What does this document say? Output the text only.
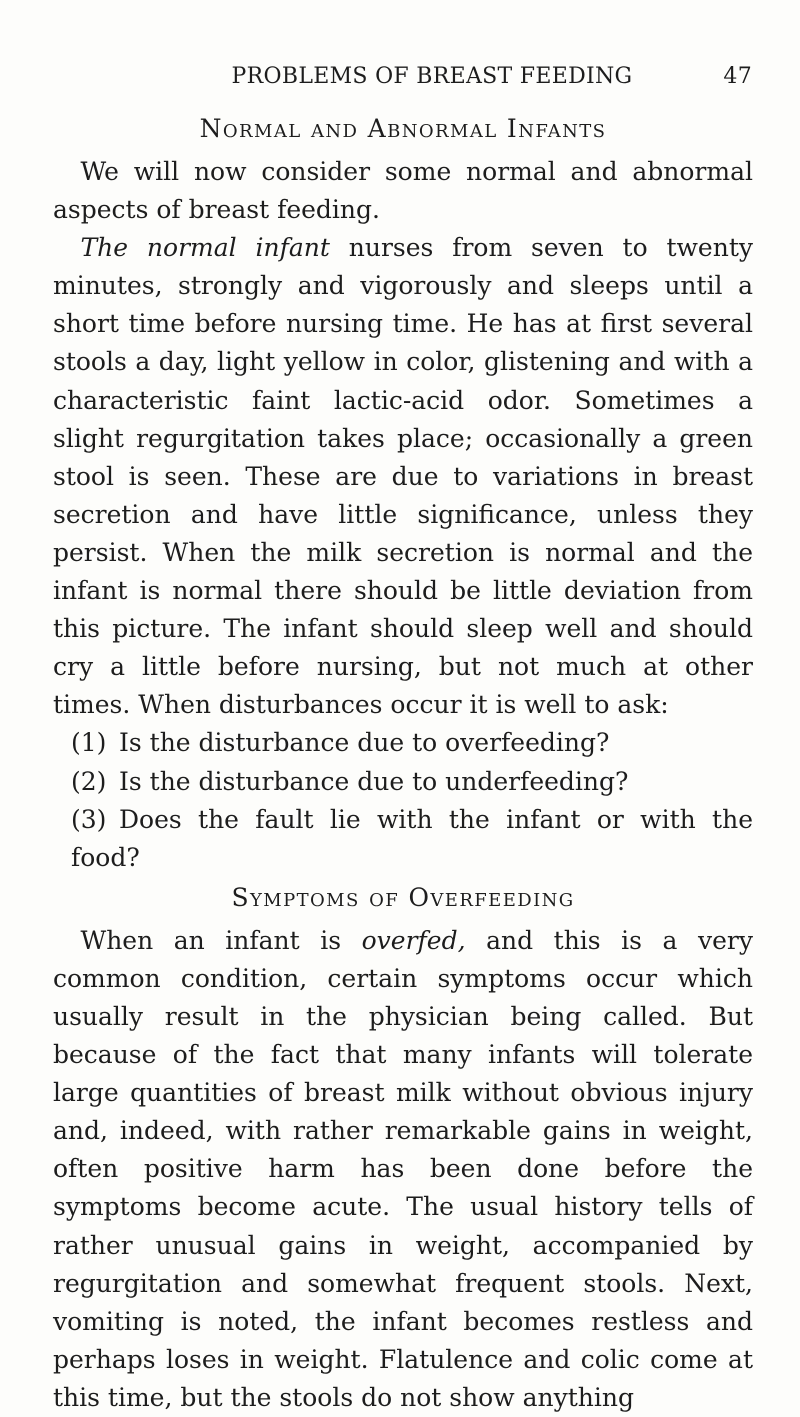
PROBLEMS OF BREAST FEEDING	47
Normal and Abnormal Infants

We will now consider some normal and abnormal aspects of breast feeding.

The normal infant nurses from seven to twenty minutes, strongly and vigorously and sleeps until a short time before nursing time. He has at first several stools a day, light yellow in color, glistening and with a characteristic faint lactic-acid odor. Sometimes a slight regurgitation takes place; occasionally a green stool is seen. These are due to variations in breast secretion and have little significance, unless they persist. When the milk secretion is normal and the infant is normal there should be little deviation from this picture. The infant should sleep well and should cry a little before nursing, but not much at other times. When disturbances occur it is well to ask:

(1) Is the disturbance due to overfeeding?
(2) Is the disturbance due to underfeeding?
(3) Does the fault lie with the infant or with the food?
Symptoms of Overfeeding

When an infant is overfed, and this is a very common condition, certain symptoms occur which usually result in the physician being called. But because of the fact that many infants will tolerate large quantities of breast milk without obvious injury and, indeed, with rather remarkable gains in weight, often positive harm has been done before the symptoms become acute. The usual history tells of rather unusual gains in weight, accompanied by regurgitation and somewhat frequent stools. Next, vomiting is noted, the infant becomes restless and perhaps loses in weight. Flatulence and colic come at this time, but the stools do not show anything
